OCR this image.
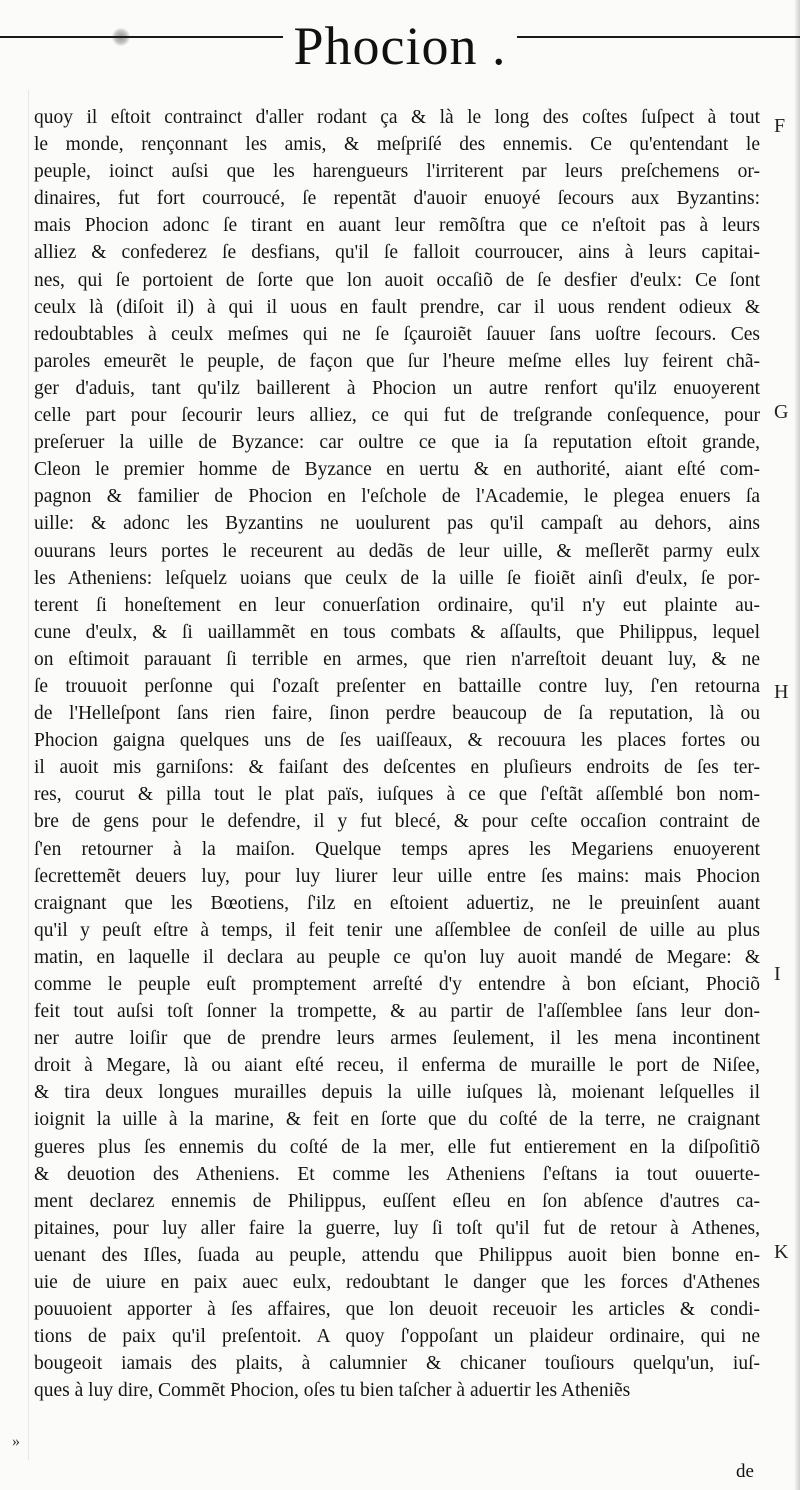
Phocion .
quoy il eſtoit contrainct d'aller rodant ça & là le long des coſtes ſuſpect à tout
le monde, rençonnant les amis, & meſpriſé des ennemis. Ce qu'entendant le
peuple, ioinct auſsi que les harengueurs l'irriterent par leurs preſchemens or-
dinaires, fut fort courroucé, ſe repentãt d'auoir enuoyé ſecours aux Byzantins:
mais Phocion adonc ſe tirant en auant leur remõſtra que ce n'eſtoit pas à leurs
alliez & confederez ſe desfians, qu'il ſe falloit courroucer, ains à leurs capitai-
nes, qui ſe portoient de ſorte que lon auoit occaſiõ de ſe desfier d'eulx: Ce ſont
ceulx là (diſoit il) à qui il uous en fault prendre, car il uous rendent odieux &
redoubtables à ceulx meſmes qui ne ſe ſçauroiẽt ſauuer ſans uoſtre ſecours. Ces
paroles emeurẽt le peuple, de façon que ſur l'heure meſme elles luy feirent chã-
ger d'aduis, tant qu'ilz baillerent à Phocion un autre renfort qu'ilz enuoyerent
celle part pour ſecourir leurs alliez, ce qui fut de treſgrande conſequence, pour
preſeruer la uille de Byzance: car oultre ce que ia ſa reputation eſtoit grande,
Cleon le premier homme de Byzance en uertu & en authorité, aiant eſté com-
pagnon & familier de Phocion en l'eſchole de l'Academie, le plegea enuers ſa
uille: & adonc les Byzantins ne uoulurent pas qu'il campaſt au dehors, ains
ouurans leurs portes le receurent au dedãs de leur uille, & meſlerẽt parmy eulx
les Atheniens: leſquelz uoians que ceulx de la uille ſe fioiẽt ainſi d'eulx, ſe por-
terent ſi honeſtement en leur conuerſation ordinaire, qu'il n'y eut plainte au-
cune d'eulx, & ſi uaillammẽt en tous combats & aſſaults, que Philippus, lequel
on eſtimoit parauant ſi terrible en armes, que rien n'arreſtoit deuant luy, & ne
ſe trouuoit perſonne qui ſ'ozaſt preſenter en battaille contre luy, ſ'en retourna
de l'Helleſpont ſans rien faire, ſinon perdre beaucoup de ſa reputation, là ou
Phocion gaigna quelques uns de ſes uaiſſeaux, & recouura les places fortes ou
il auoit mis garniſons: & faiſant des deſcentes en pluſieurs endroits de ſes ter-
res, courut & pilla tout le plat païs, iuſques à ce que ſ'eſtãt aſſemblé bon nom-
bre de gens pour le defendre, il y fut blecé, & pour ceſte occaſion contraint de
ſ'en retourner à la maiſon. Quelque temps apres les Megariens enuoyerent
ſecrettemẽt deuers luy, pour luy liurer leur uille entre ſes mains: mais Phocion
craignant que les Bœotiens, ſ'ilz en eſtoient aduertiz, ne le preuinſent auant
qu'il y peuſt eſtre à temps, il feit tenir une aſſemblee de conſeil de uille au plus
matin, en laquelle il declara au peuple ce qu'on luy auoit mandé de Megare: &
comme le peuple euſt promptement arreſté d'y entendre à bon eſciant, Phociõ
feit tout auſsi toſt ſonner la trompette, & au partir de l'aſſemblee ſans leur don-
ner autre loiſir que de prendre leurs armes ſeulement, il les mena incontinent
droit à Megare, là ou aiant eſté receu, il enferma de muraille le port de Niſee,
& tira deux longues murailles depuis la uille iuſques là, moienant leſquelles il
ioignit la uille à la marine, & feit en ſorte que du coſté de la terre, ne craignant
gueres plus ſes ennemis du coſté de la mer, elle fut entierement en la diſpoſitiõ
& deuotion des Atheniens. Et comme les Atheniens ſ'eſtans ia tout ouuerte-
ment declarez ennemis de Philippus, euſſent eſleu en ſon abſence d'autres ca-
pitaines, pour luy aller faire la guerre, luy ſi toſt qu'il fut de retour à Athenes,
uenant des Iſles, ſuada au peuple, attendu que Philippus auoit bien bonne en-
uie de uiure en paix auec eulx, redoubtant le danger que les forces d'Athenes
pouuoient apporter à ſes affaires, que lon deuoit receuoir les articles & condi-
tions de paix qu'il preſentoit. A quoy ſ'oppoſant un plaideur ordinaire, qui ne
bougeoit iamais des plaits, à calumnier & chicaner touſiours quelqu'un, iuſ-
ques à luy dire, Commẽt Phocion, oſes tu bien taſcher à aduertir les Atheniẽs
F
G
H
I
K
»
de
